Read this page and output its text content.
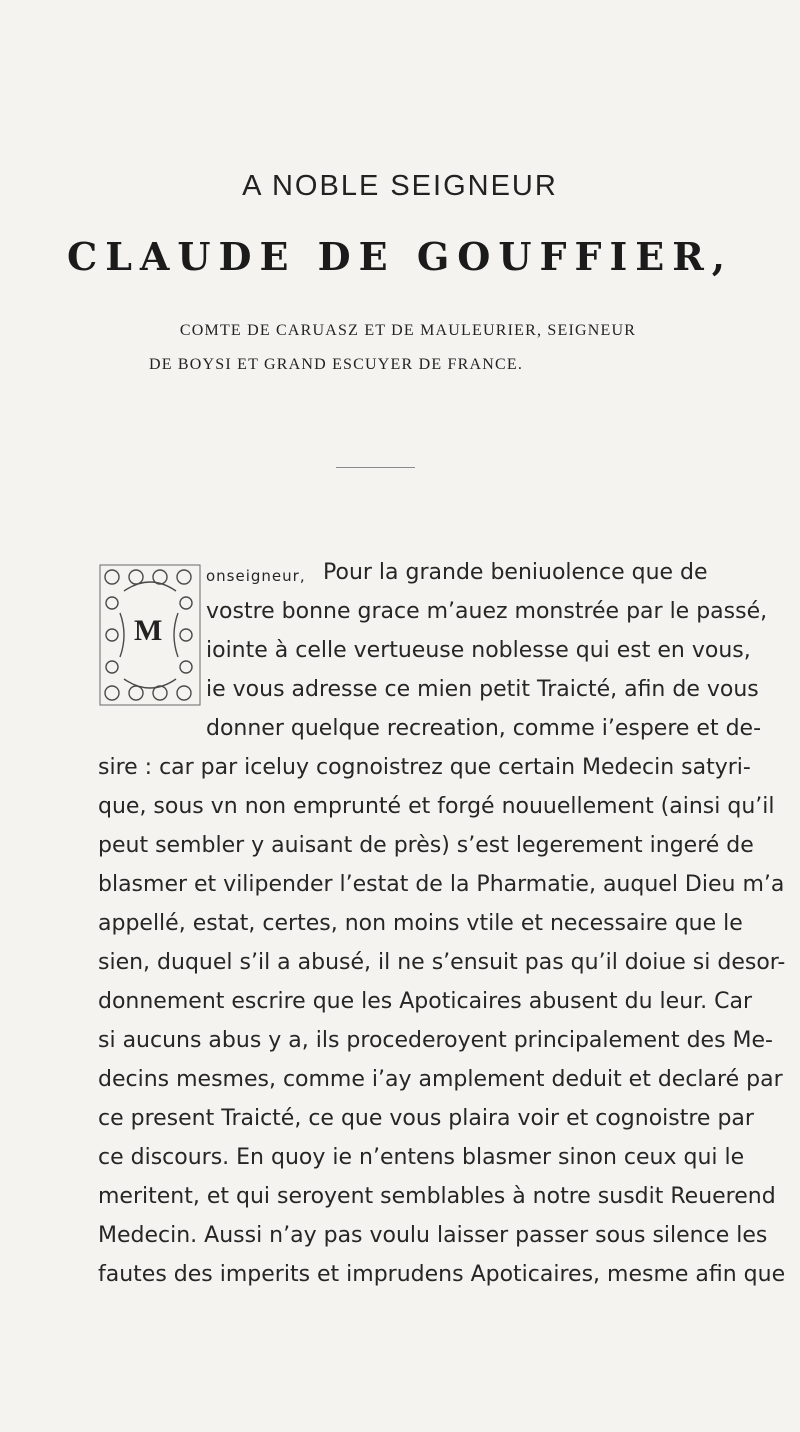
A NOBLE SEIGNEUR
CLAUDE DE GOUFFIER,
COMTE DE CARUASZ ET DE MAULEURIER, SEIGNEUR
DE BOYSI ET GRAND ESCUYER DE FRANCE.
M
onseigneur, Pour la grande beniuolence que de
vostre bonne grace m’auez monstrée par le passé,
iointe à celle vertueuse noblesse qui est en vous,
ie vous adresse ce mien petit Traicté, afin de vous
donner quelque recreation, comme i’espere et de-
sire : car par iceluy cognoistrez que certain Medecin satyri-
que, sous vn non emprunté et forgé nouuellement (ainsi qu’il
peut sembler y auisant de près) s’est legerement ingeré de
blasmer et vilipender l’estat de la Pharmatie, auquel Dieu m’a
appellé, estat, certes, non moins vtile et necessaire que le
sien, duquel s’il a abusé, il ne s’ensuit pas qu’il doiue si desor-
donnement escrire que les Apoticaires abusent du leur. Car
si aucuns abus y a, ils procederoyent principalement des Me-
decins mesmes, comme i’ay amplement deduit et declaré par
ce present Traicté, ce que vous plaira voir et cognoistre par
ce discours. En quoy ie n’entens blasmer sinon ceux qui le
meritent, et qui seroyent semblables à notre susdit Reuerend
Medecin. Aussi n’ay pas voulu laisser passer sous silence les
fautes des imperits et imprudens Apoticaires, mesme afin que
